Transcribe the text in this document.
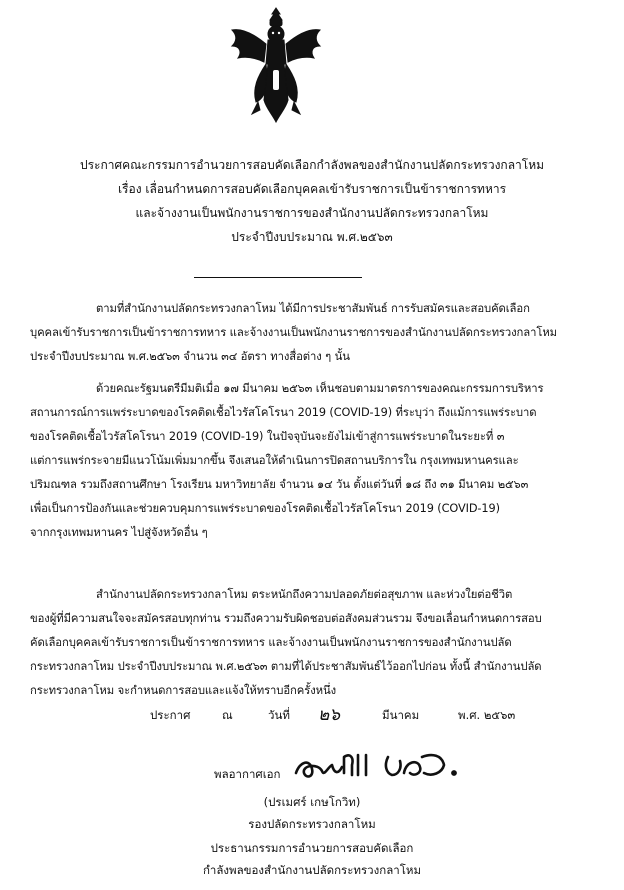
ประกาศคณะกรรมการอำนวยการสอบคัดเลือกกำลังพลของสำนักงานปลัดกระทรวงกลาโหม
เรื่อง เลื่อนกำหนดการสอบคัดเลือกบุคคลเข้ารับราชการเป็นข้าราชการทหาร
และจ้างงานเป็นพนักงานราชการของสำนักงานปลัดกระทรวงกลาโหม
ประจำปีงบประมาณ พ.ศ.๒๕๖๓
ตามที่สำนักงานปลัดกระทรวงกลาโหม ได้มีการประชาสัมพันธ์ การรับสมัครและสอบคัดเลือก
บุคคลเข้ารับราชการเป็นข้าราชการทหาร และจ้างงานเป็นพนักงานราชการของสำนักงานปลัดกระทรวงกลาโหม
ประจำปีงบประมาณ พ.ศ.๒๕๖๓ จำนวน ๓๔ อัตรา ทางสื่อต่าง ๆ นั้น
ด้วยคณะรัฐมนตรีมีมติเมื่อ ๑๗ มีนาคม ๒๕๖๓ เห็นชอบตามมาตรการของคณะกรรมการบริหาร
สถานการณ์การแพร่ระบาดของโรคติดเชื้อไวรัสโคโรนา 2019 (COVID-19) ที่ระบุว่า ถึงแม้การแพร่ระบาด
ของโรคติดเชื้อไวรัสโคโรนา 2019 (COVID-19) ในปัจจุบันจะยังไม่เข้าสู่การแพร่ระบาดในระยะที่ ๓
แต่การแพร่กระจายมีแนวโน้มเพิ่มมากขึ้น จึงเสนอให้ดำเนินการปิดสถานบริการใน กรุงเทพมหานครและ
ปริมณฑล รวมถึงสถานศึกษา โรงเรียน มหาวิทยาลัย จำนวน ๑๔ วัน ตั้งแต่วันที่ ๑๘ ถึง ๓๑ มีนาคม ๒๕๖๓
เพื่อเป็นการป้องกันและช่วยควบคุมการแพร่ระบาดของโรคติดเชื้อไวรัสโคโรนา 2019 (COVID-19)
จากกรุงเทพมหานคร ไปสู่จังหวัดอื่น ๆ
สำนักงานปลัดกระทรวงกลาโหม ตระหนักถึงความปลอดภัยต่อสุขภาพ และห่วงใยต่อชีวิต
ของผู้ที่มีความสนใจจะสมัครสอบทุกท่าน รวมถึงความรับผิดชอบต่อสังคมส่วนรวม จึงขอเลื่อนกำหนดการสอบ
คัดเลือกบุคคลเข้ารับราชการเป็นข้าราชการทหาร และจ้างงานเป็นพนักงานราชการของสำนักงานปลัด
กระทรวงกลาโหม ประจำปีงบประมาณ พ.ศ.๒๕๖๓ ตามที่ได้ประชาสัมพันธ์ไว้ออกไปก่อน ทั้งนี้ สำนักงานปลัด
กระทรวงกลาโหม จะกำหนดการสอบและแจ้งให้ทราบอีกครั้งหนึ่ง
ประกาศ	ณ	วันที่ ๒๖	มีนาคม	พ.ศ. ๒๕๖๓
พลอากาศเอก
(ปรเมศร์ เกษโกวิท)
รองปลัดกระทรวงกลาโหม
ประธานกรรมการอำนวยการสอบคัดเลือก
กำลังพลของสำนักงานปลัดกระทรวงกลาโหม
